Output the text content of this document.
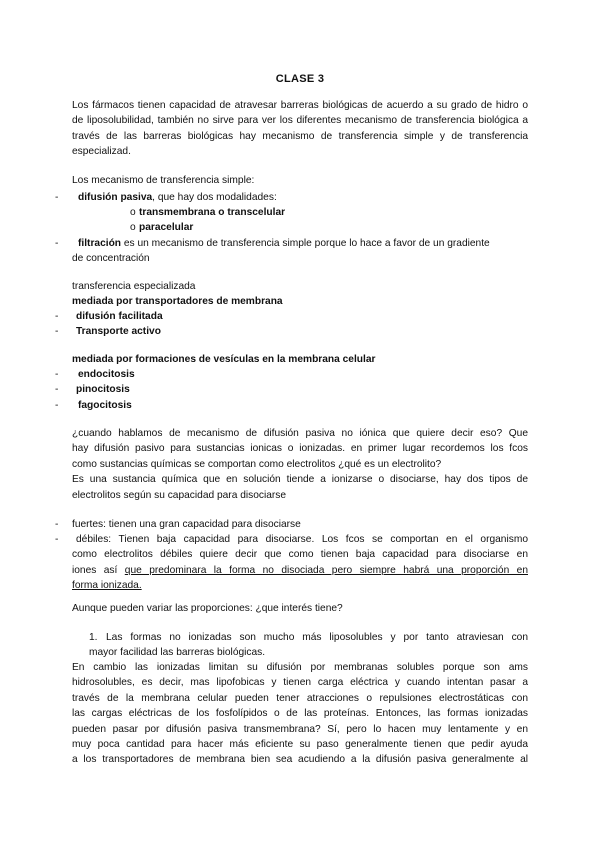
CLASE 3
Los fármacos tienen capacidad de atravesar barreras biológicas de acuerdo a su grado de hidro o de liposolubilidad, también no sirve para ver los diferentes mecanismo de transferencia biológica a través de las barreras biológicas hay mecanismo de transferencia simple y de transferencia especializad.
Los mecanismo de transferencia simple:
- difusión pasiva, que hay dos modalidades:
o transmembrana o transcelular
o paracelular
- filtración es un mecanismo de transferencia simple porque lo hace a favor de un gradiente
de concentración
transferencia especializada
mediada por transportadores de membrana
- difusión facilitada
- Transporte activo
mediada por formaciones de vesículas en la membrana celular
- endocitosis
- pinocitosis
- fagocitosis
¿cuando hablamos de mecanismo de difusión pasiva no iónica que quiere decir eso? Que
hay difusión pasivo para sustancias ionicas o ionizadas. en primer lugar recordemos los fcos
como sustancias químicas se comportan como electrolitos ¿qué es un electrolito?
Es una sustancia química que en solución tiende a ionizarse o disociarse, hay dos tipos de
electrolitos según su capacidad para disociarse
- fuertes: tienen una gran capacidad para disociarse
-	débiles: Tienen baja capacidad para disociarse. Los fcos se comportan en el organismo
como electrolitos débiles quiere decir que como tienen baja capacidad para disociarse en
iones así que predominara la forma no disociada pero siempre habrá una proporción en
forma ionizada.
Aunque pueden variar las proporciones: ¿que interés tiene?
1. Las formas no ionizadas son mucho más liposolubles y por tanto atraviesan con
mayor facilidad las barreras biológicas.
En cambio las ionizadas limitan su difusión por membranas solubles porque son ams
hidrosolubles, es decir, mas lipofobicas y tienen carga eléctrica y cuando intentan pasar a
través de la membrana celular pueden tener atracciones o repulsiones electrostáticas con
las cargas eléctricas de los fosfolípidos o de las proteínas. Entonces, las formas ionizadas
pueden pasar por difusión pasiva transmembrana? Sí, pero lo hacen muy lentamente y en
muy poca cantidad para hacer más eficiente su paso generalmente tienen que pedir ayuda
a los transportadores de membrana bien sea acudiendo a la difusión pasiva generalmente al
